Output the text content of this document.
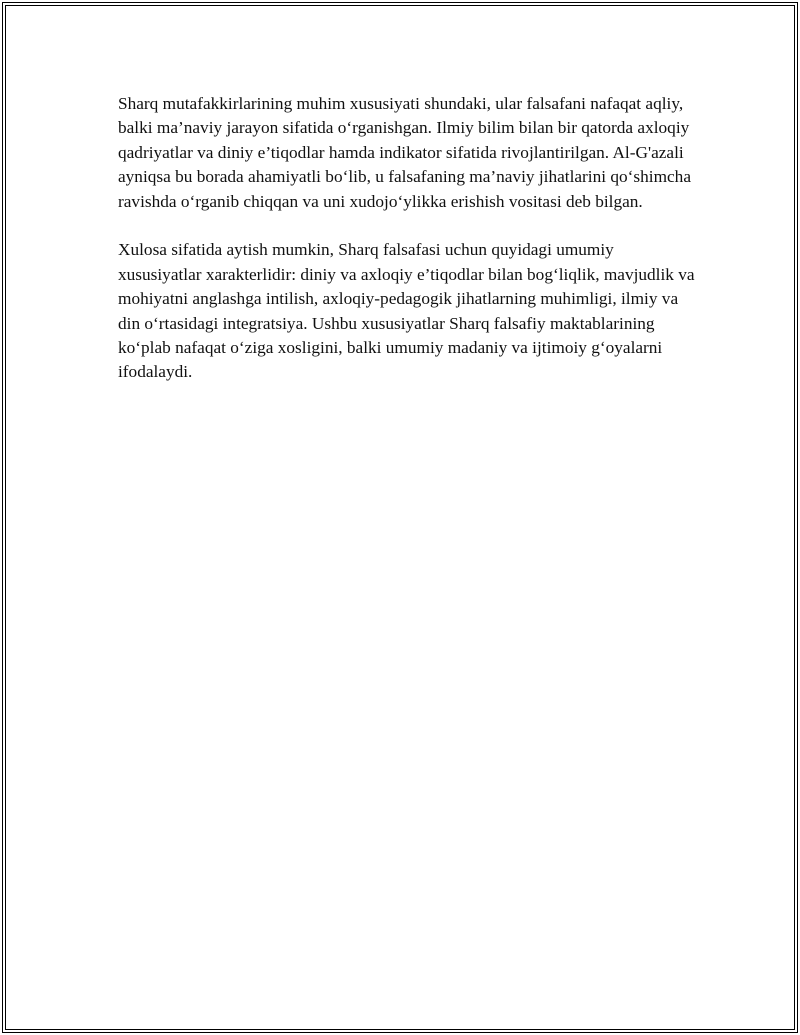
Sharq mutafakkirlarining muhim xususiyati shundaki, ular falsafani nafaqat aqliy, balki ma’naviy jarayon sifatida o‘rganishgan. Ilmiy bilim bilan bir qatorda axloqiy qadriyatlar va diniy e’tiqodlar hamda indikator sifatida rivojlantirilgan. Al-G'azali ayniqsa bu borada ahamiyatli bo‘lib, u falsafaning ma’naviy jihatlarini qo‘shimcha ravishda o‘rganib chiqqan va uni xudojo‘ylikka erishish vositasi deb bilgan.

Xulosa sifatida aytish mumkin, Sharq falsafasi uchun quyidagi umumiy xususiyatlar xarakterlidir: diniy va axloqiy e’tiqodlar bilan bog‘liqlik, mavjudlik va mohiyatni anglashga intilish, axloqiy-pedagogik jihatlarning muhimligi, ilmiy va din o‘rtasidagi integratsiya. Ushbu xususiyatlar Sharq falsafiy maktablarining ko‘plab nafaqat o‘ziga xosligini, balki umumiy madaniy va ijtimoiy g‘oyalarni ifodalaydi.
